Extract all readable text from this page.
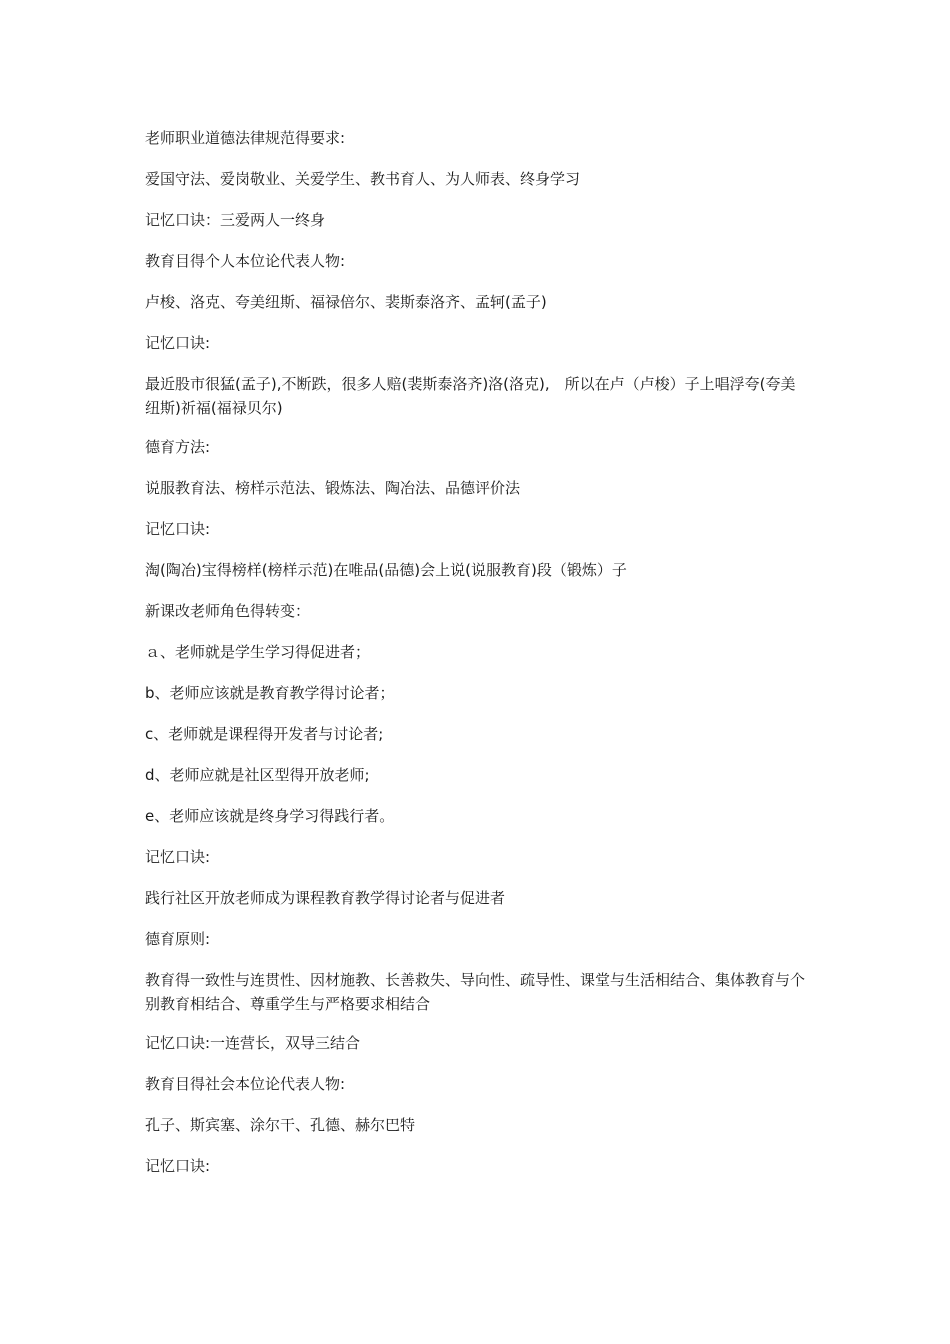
老师职业道德法律规范得要求:

爱国守法、爱岗敬业、关爱学生、教书育人、为人师表、终身学习

记忆口诀：三爱两人一终身

教育目得个人本位论代表人物:

卢梭、洛克、夸美纽斯、福禄倍尔、裴斯泰洛齐、孟轲(孟子)

记忆口诀:

最近股市很猛(孟子),不断跌，很多人赔(裴斯泰洛齐)洛(洛克),　所以在卢（卢梭）子上唱浮夸(夸美纽斯)祈福(福禄贝尔)

德育方法:

说服教育法、榜样示范法、锻炼法、陶冶法、品德评价法

记忆口诀:

淘(陶冶)宝得榜样(榜样示范)在唯品(品德)会上说(说服教育)段（锻炼）子

新课改老师角色得转变：

ａ、老师就是学生学习得促进者；

b、老师应该就是教育教学得讨论者；

c、老师就是课程得开发者与讨论者;

d、老师应就是社区型得开放老师;

e、老师应该就是终身学习得践行者。

记忆口诀:

践行社区开放老师成为课程教育教学得讨论者与促进者

德育原则:

教育得一致性与连贯性、因材施教、长善救失、导向性、疏导性、课堂与生活相结合、集体教育与个别教育相结合、尊重学生与严格要求相结合

记忆口诀:一连营长，双导三结合

教育目得社会本位论代表人物:

孔子、斯宾塞、涂尔干、孔德、赫尔巴特

记忆口诀:
